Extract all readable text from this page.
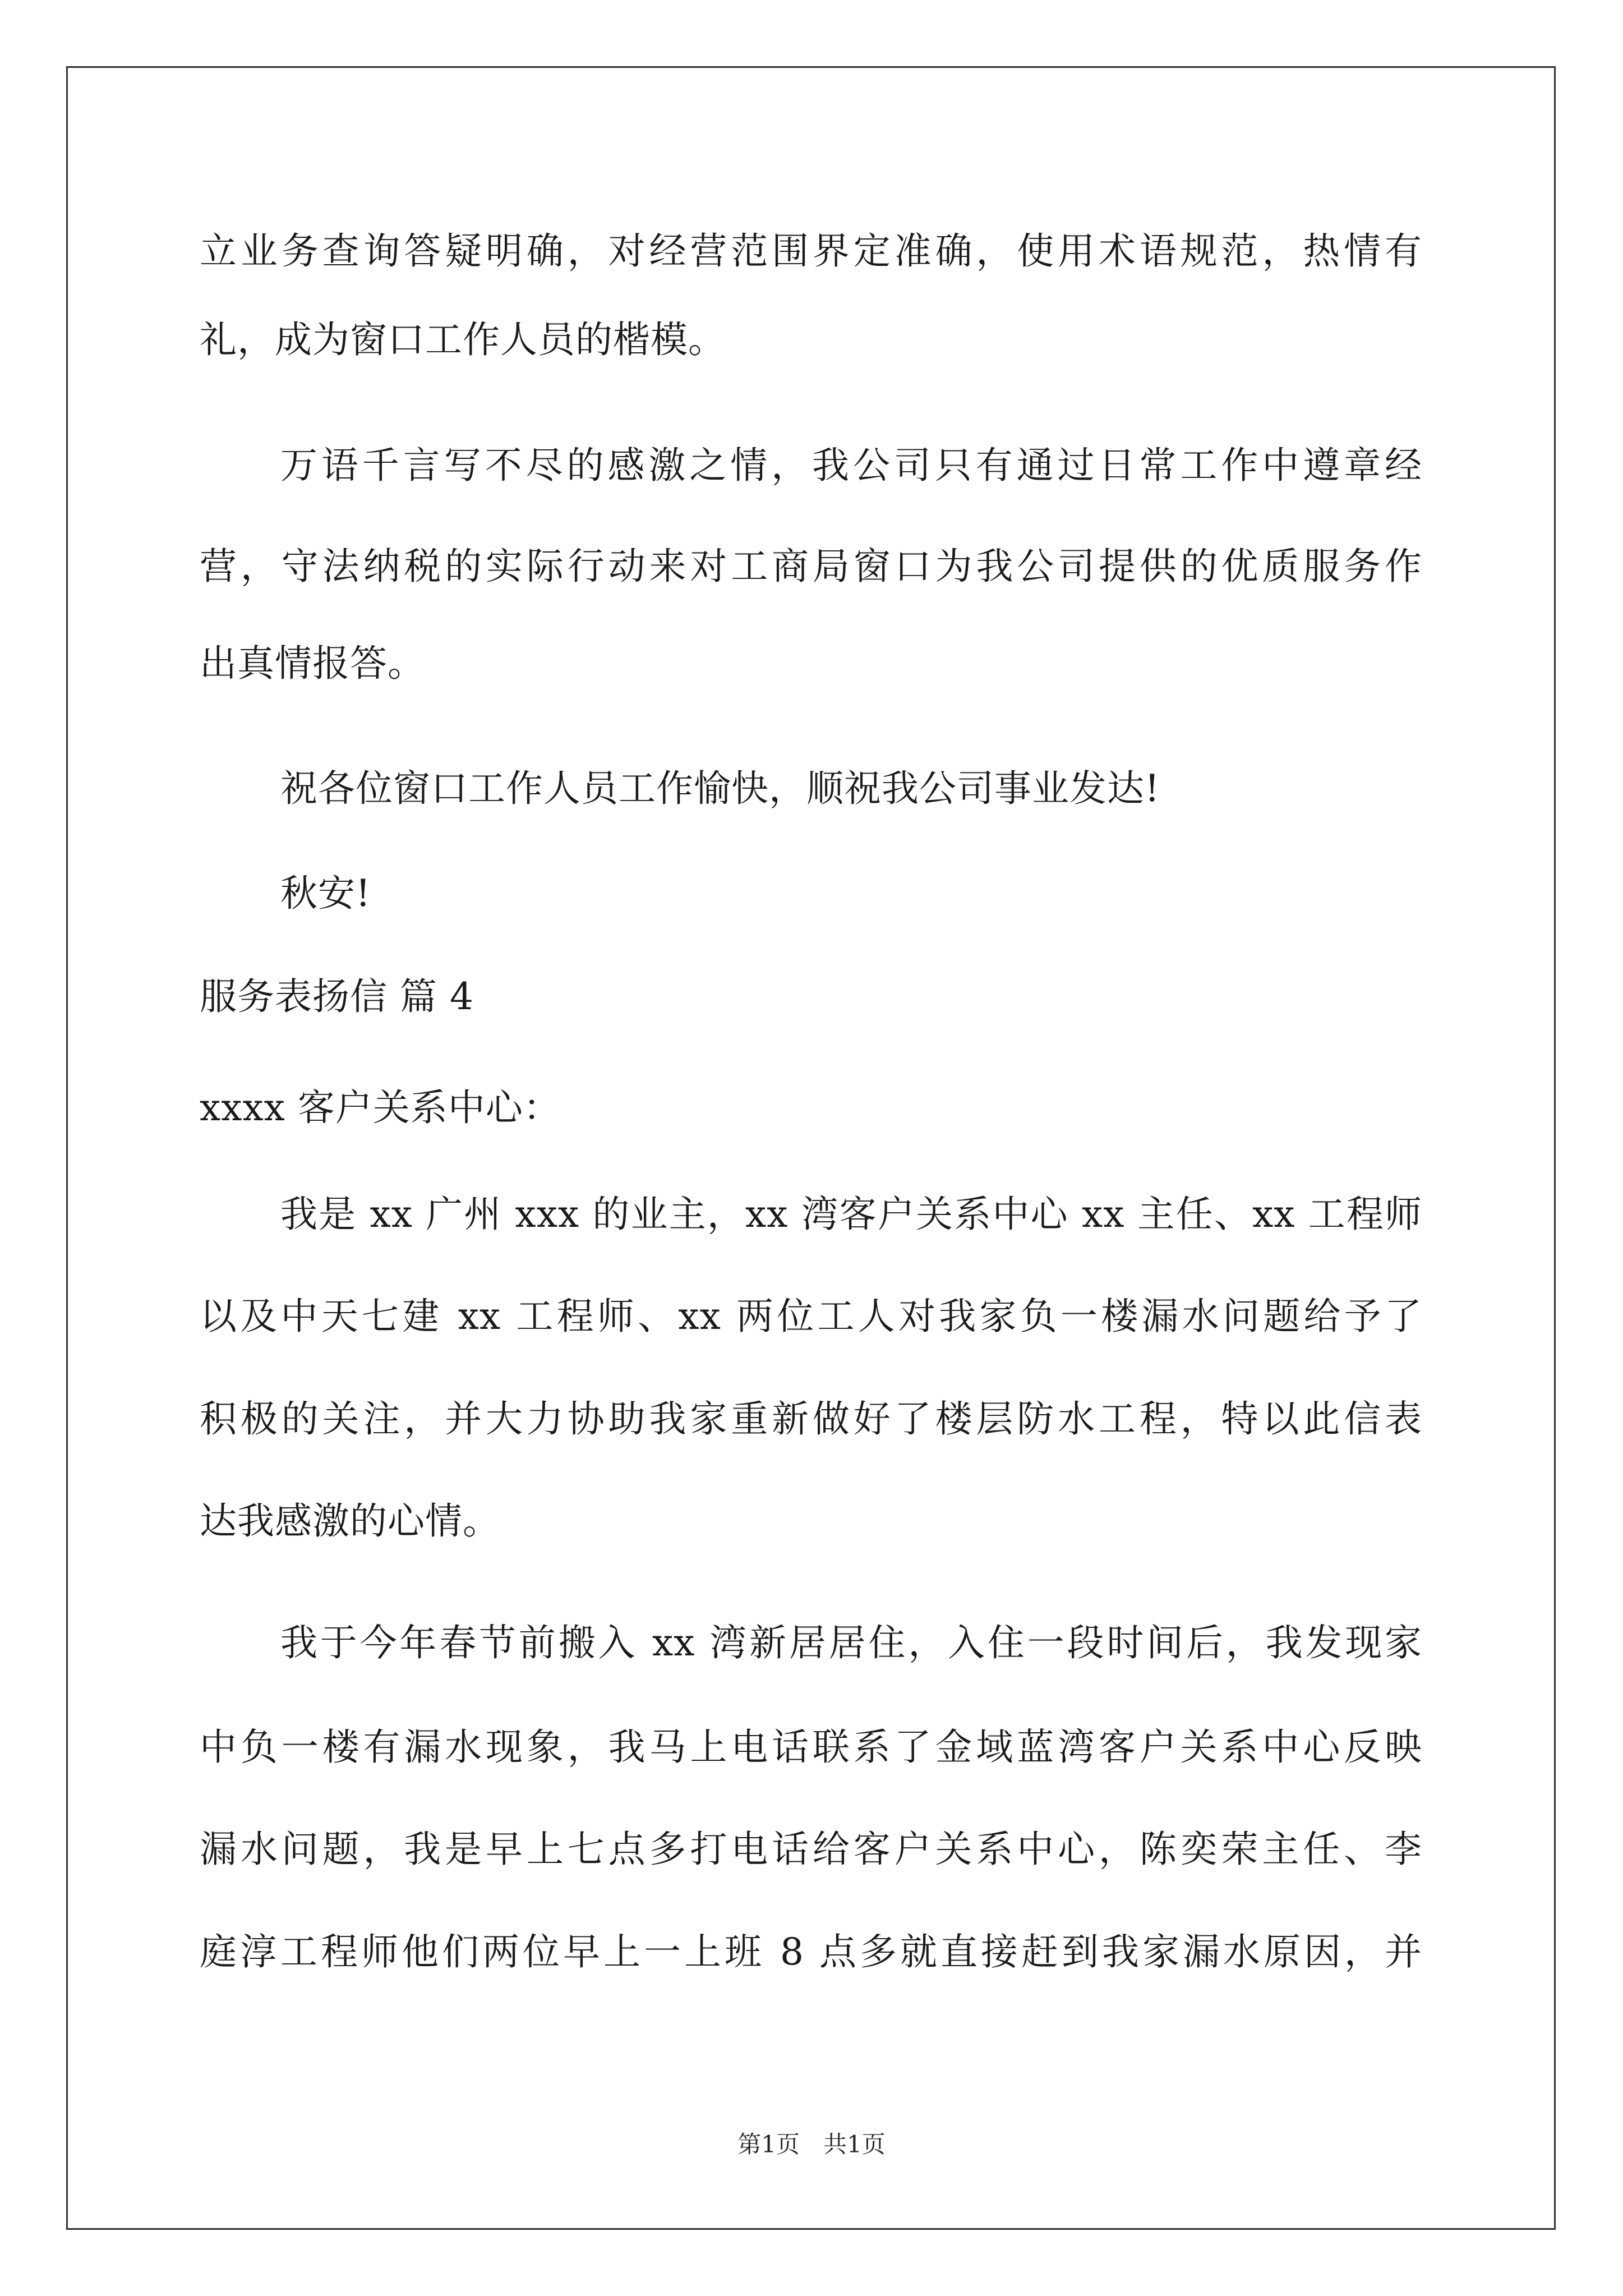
立业务查询答疑明确，对经营范围界定准确，使用术语规范，热情有
礼，成为窗口工作人员的楷模。
万语千言写不尽的感激之情，我公司只有通过日常工作中遵章经
营，守法纳税的实际行动来对工商局窗口为我公司提供的优质服务作
出真情报答。
祝各位窗口工作人员工作愉快，顺祝我公司事业发达!
秋安!
服务表扬信 篇 4
xxxx 客户关系中心：
我是 xx 广州 xxx 的业主，xx 湾客户关系中心 xx 主任、xx 工程师
以及中天七建 xx 工程师、xx 两位工人对我家负一楼漏水问题给予了
积极的关注，并大力协助我家重新做好了楼层防水工程，特以此信表
达我感激的心情。
我于今年春节前搬入 xx 湾新居居住，入住一段时间后，我发现家
中负一楼有漏水现象，我马上电话联系了金域蓝湾客户关系中心反映
漏水问题，我是早上七点多打电话给客户关系中心，陈奕荣主任、李
庭淳工程师他们两位早上一上班 8 点多就直接赶到我家漏水原因，并
第1页　共1页
